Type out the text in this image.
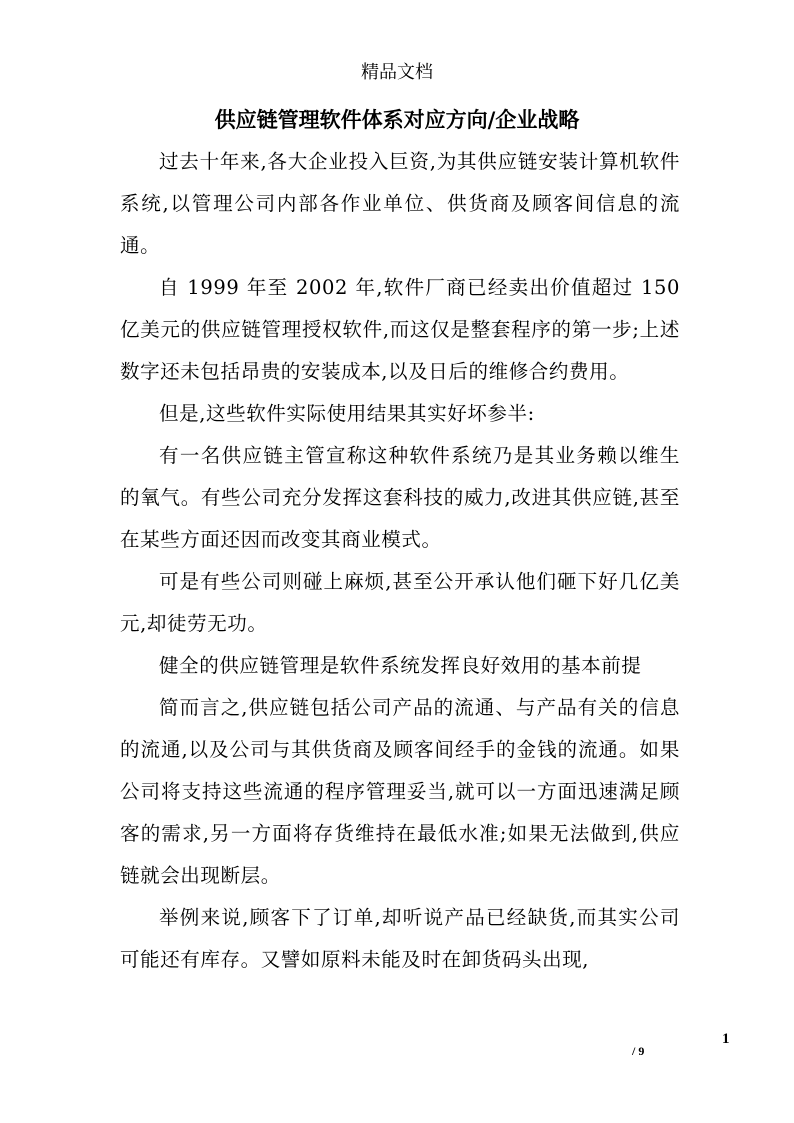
精品文档
供应链管理软件体系对应方向/企业战略

过去十年来,各大企业投入巨资,为其供应链安装计算机软件系统,以管理公司内部各作业单位、供货商及顾客间信息的流通。

自 1999 年至 2002 年,软件厂商已经卖出价值超过 150 亿美元的供应链管理授权软件,而这仅是整套程序的第一步;上述数字还未包括昂贵的安装成本,以及日后的维修合约费用。

但是,这些软件实际使用结果其实好坏参半:

有一名供应链主管宣称这种软件系统乃是其业务赖以维生的氧气。有些公司充分发挥这套科技的威力,改进其供应链,甚至在某些方面还因而改变其商业模式。

可是有些公司则碰上麻烦,甚至公开承认他们砸下好几亿美元,却徒劳无功。

健全的供应链管理是软件系统发挥良好效用的基本前提

简而言之,供应链包括公司产品的流通、与产品有关的信息的流通,以及公司与其供货商及顾客间经手的金钱的流通。如果公司将支持这些流通的程序管理妥当,就可以一方面迅速满足顾客的需求,另一方面将存货维持在最低水准;如果无法做到,供应链就会出现断层。

举例来说,顾客下了订单,却听说产品已经缺货,而其实公司可能还有库存。又譬如原料未能及时在卸货码头出现,

1
/ 9
